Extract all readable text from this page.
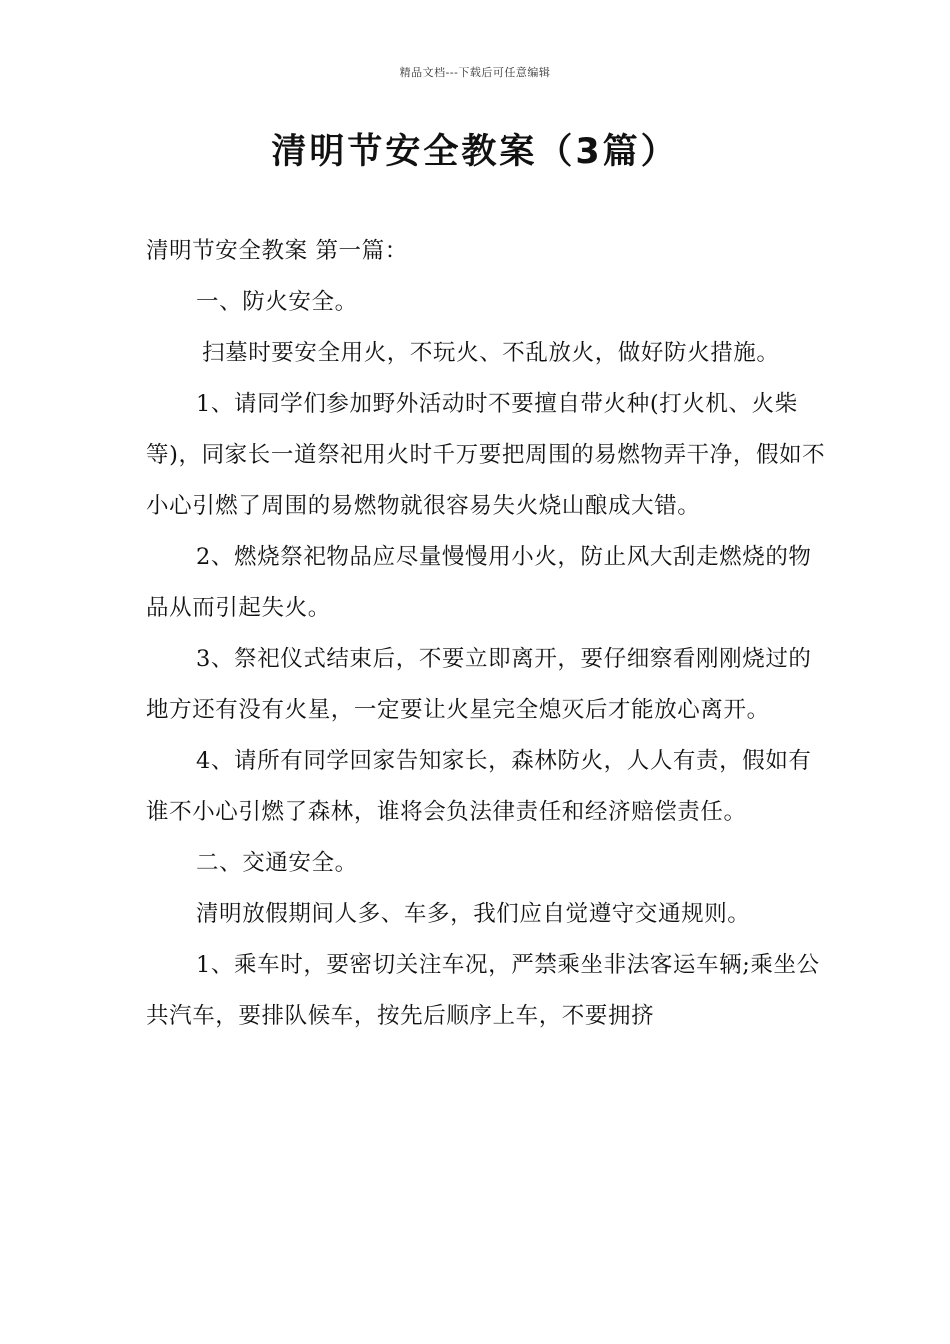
精品文档---下载后可任意编辑
清明节安全教案（3篇）

清明节安全教案 第一篇：

一、防火安全。

扫墓时要安全用火，不玩火、不乱放火，做好防火措施。

1、请同学们参加野外活动时不要擅自带火种(打火机、火柴等)，同家长一道祭祀用火时千万要把周围的易燃物弄干净，假如不小心引燃了周围的易燃物就很容易失火烧山酿成大错。

2、燃烧祭祀物品应尽量慢慢用小火，防止风大刮走燃烧的物品从而引起失火。

3、祭祀仪式结束后，不要立即离开，要仔细察看刚刚烧过的地方还有没有火星，一定要让火星完全熄灭后才能放心离开。

4、请所有同学回家告知家长，森林防火，人人有责，假如有谁不小心引燃了森林，谁将会负法律责任和经济赔偿责任。

二、交通安全。

清明放假期间人多、车多，我们应自觉遵守交通规则。

1、乘车时，要密切关注车况，严禁乘坐非法客运车辆;乘坐公共汽车，要排队候车，按先后顺序上车，不要拥挤
